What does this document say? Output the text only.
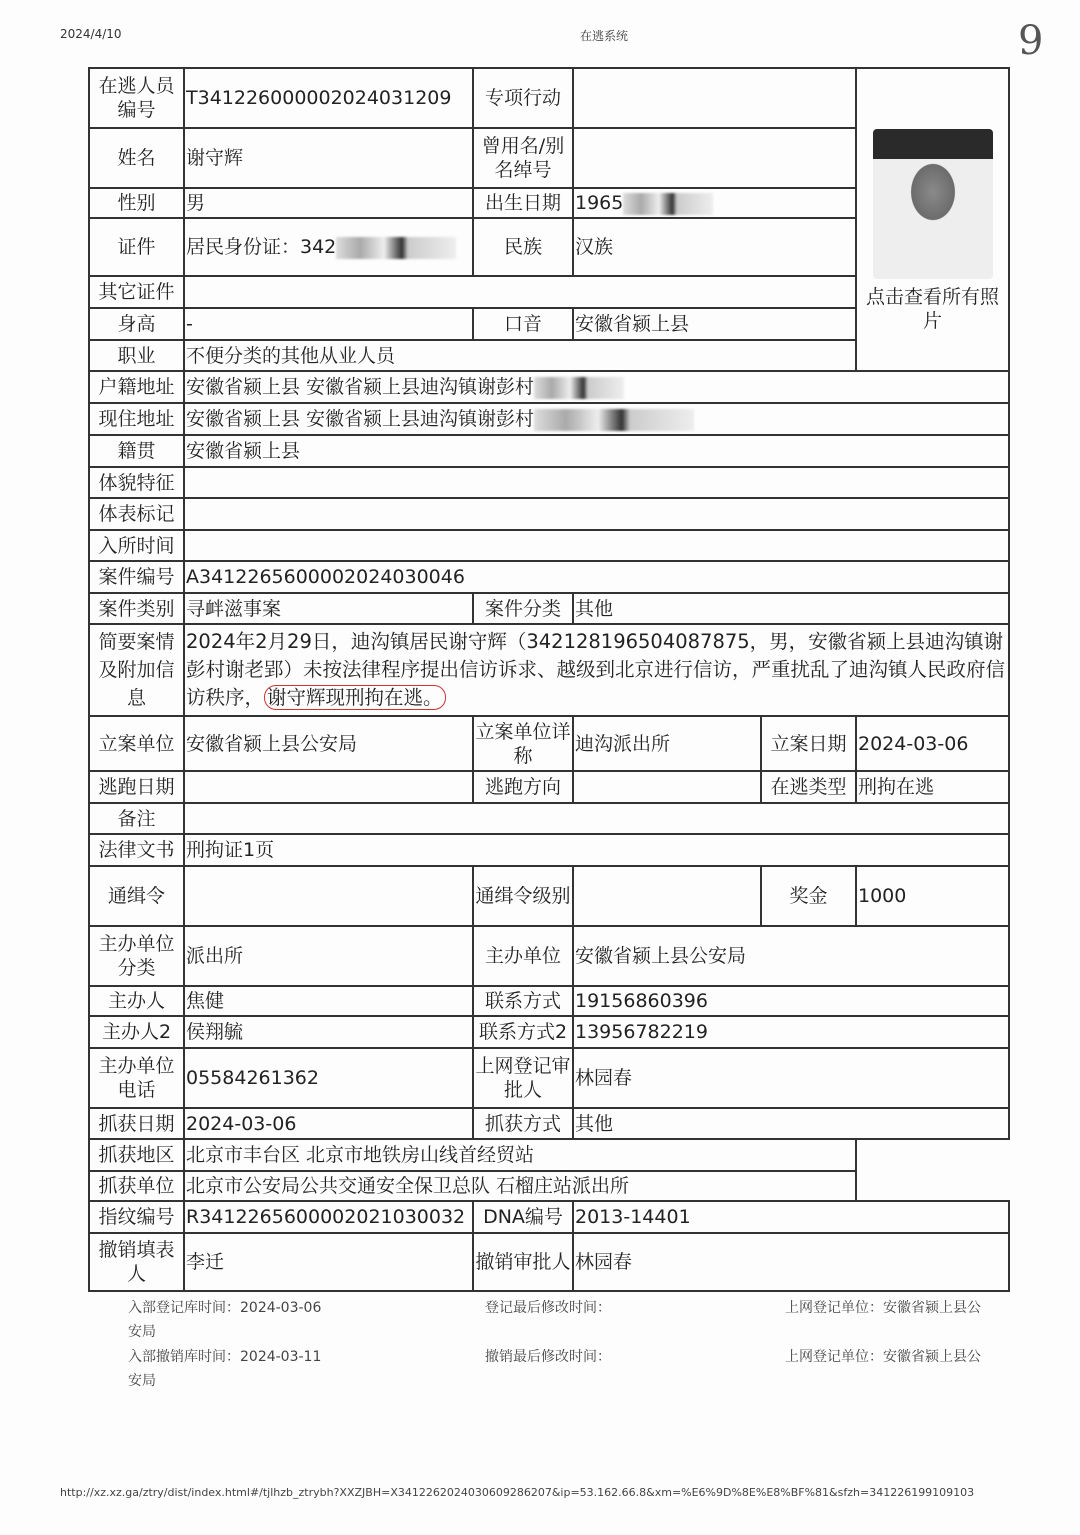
2024/4/10	在逃系统	9
在逃人员编号	T341226000002024031209	专项行动			点击查看所有照片

姓名	谢守辉	曾用名/别名绰号			
性别	男	出生日期	1965		
证件	居民身份证：342	民族	汉族		
其它证件					
身高	-	口音	安徽省颍上县		
职业	不便分类的其他从业人员				
户籍地址	安徽省颍上县 安徽省颍上县迪沟镇谢彭村				
现住地址	安徽省颍上县 安徽省颍上县迪沟镇谢彭村				
籍贯	安徽省颍上县				
体貌特征					
体表标记					
入所时间					
案件编号	A3412265600002024030046				
案件类别	寻衅滋事案	案件分类	其他		
简要案情及附加信息	2024年2月29日，迪沟镇居民谢守辉（342128196504087875，男，安徽省颍上县迪沟镇谢彭村谢老郢）未按法律程序提出信访诉求、越级到北京进行信访，严重扰乱了迪沟镇人民政府信访秩序， 谢守辉现刑拘在逃。				
立案单位	安徽省颍上县公安局	立案单位详称	迪沟派出所	立案日期	2024-03-06
逃跑日期		逃跑方向		在逃类型	刑拘在逃
备注					
法律文书	刑拘证1页				
通缉令		通缉令级别		奖金	1000
主办单位分类	派出所	主办单位	安徽省颍上县公安局		
主办人	焦健	联系方式	19156860396		
主办人2	侯翔毓	联系方式2	13956782219		
主办单位电话	05584261362	上网登记审批人	林园春		
抓获日期	2024-03-06	抓获方式	其他		
抓获地区	北京市丰台区 北京市地铁房山线首经贸站				
抓获单位	北京市公安局公共交通安全保卫总队 石榴庄站派出所				
指纹编号	R3412265600002021030032	DNA编号	2013-14401		
撤销填表人	李迁	撤销审批人	林园春		
入部登记库时间：2024-03-06
安局
登记最后修改时间：	上网登记单位：安徽省颍上县公
入部撤销库时间：2024-03-11
安局
撤销最后修改时间：	上网登记单位：安徽省颍上县公
http://xz.xz.ga/ztry/dist/index.html#/tjlhzb_ztrybh?XXZJBH=X3412262024030609286207&ip=53.162.66.8&xm=%E6%9D%8E%E8%BF%81&sfzh=341226199109103
